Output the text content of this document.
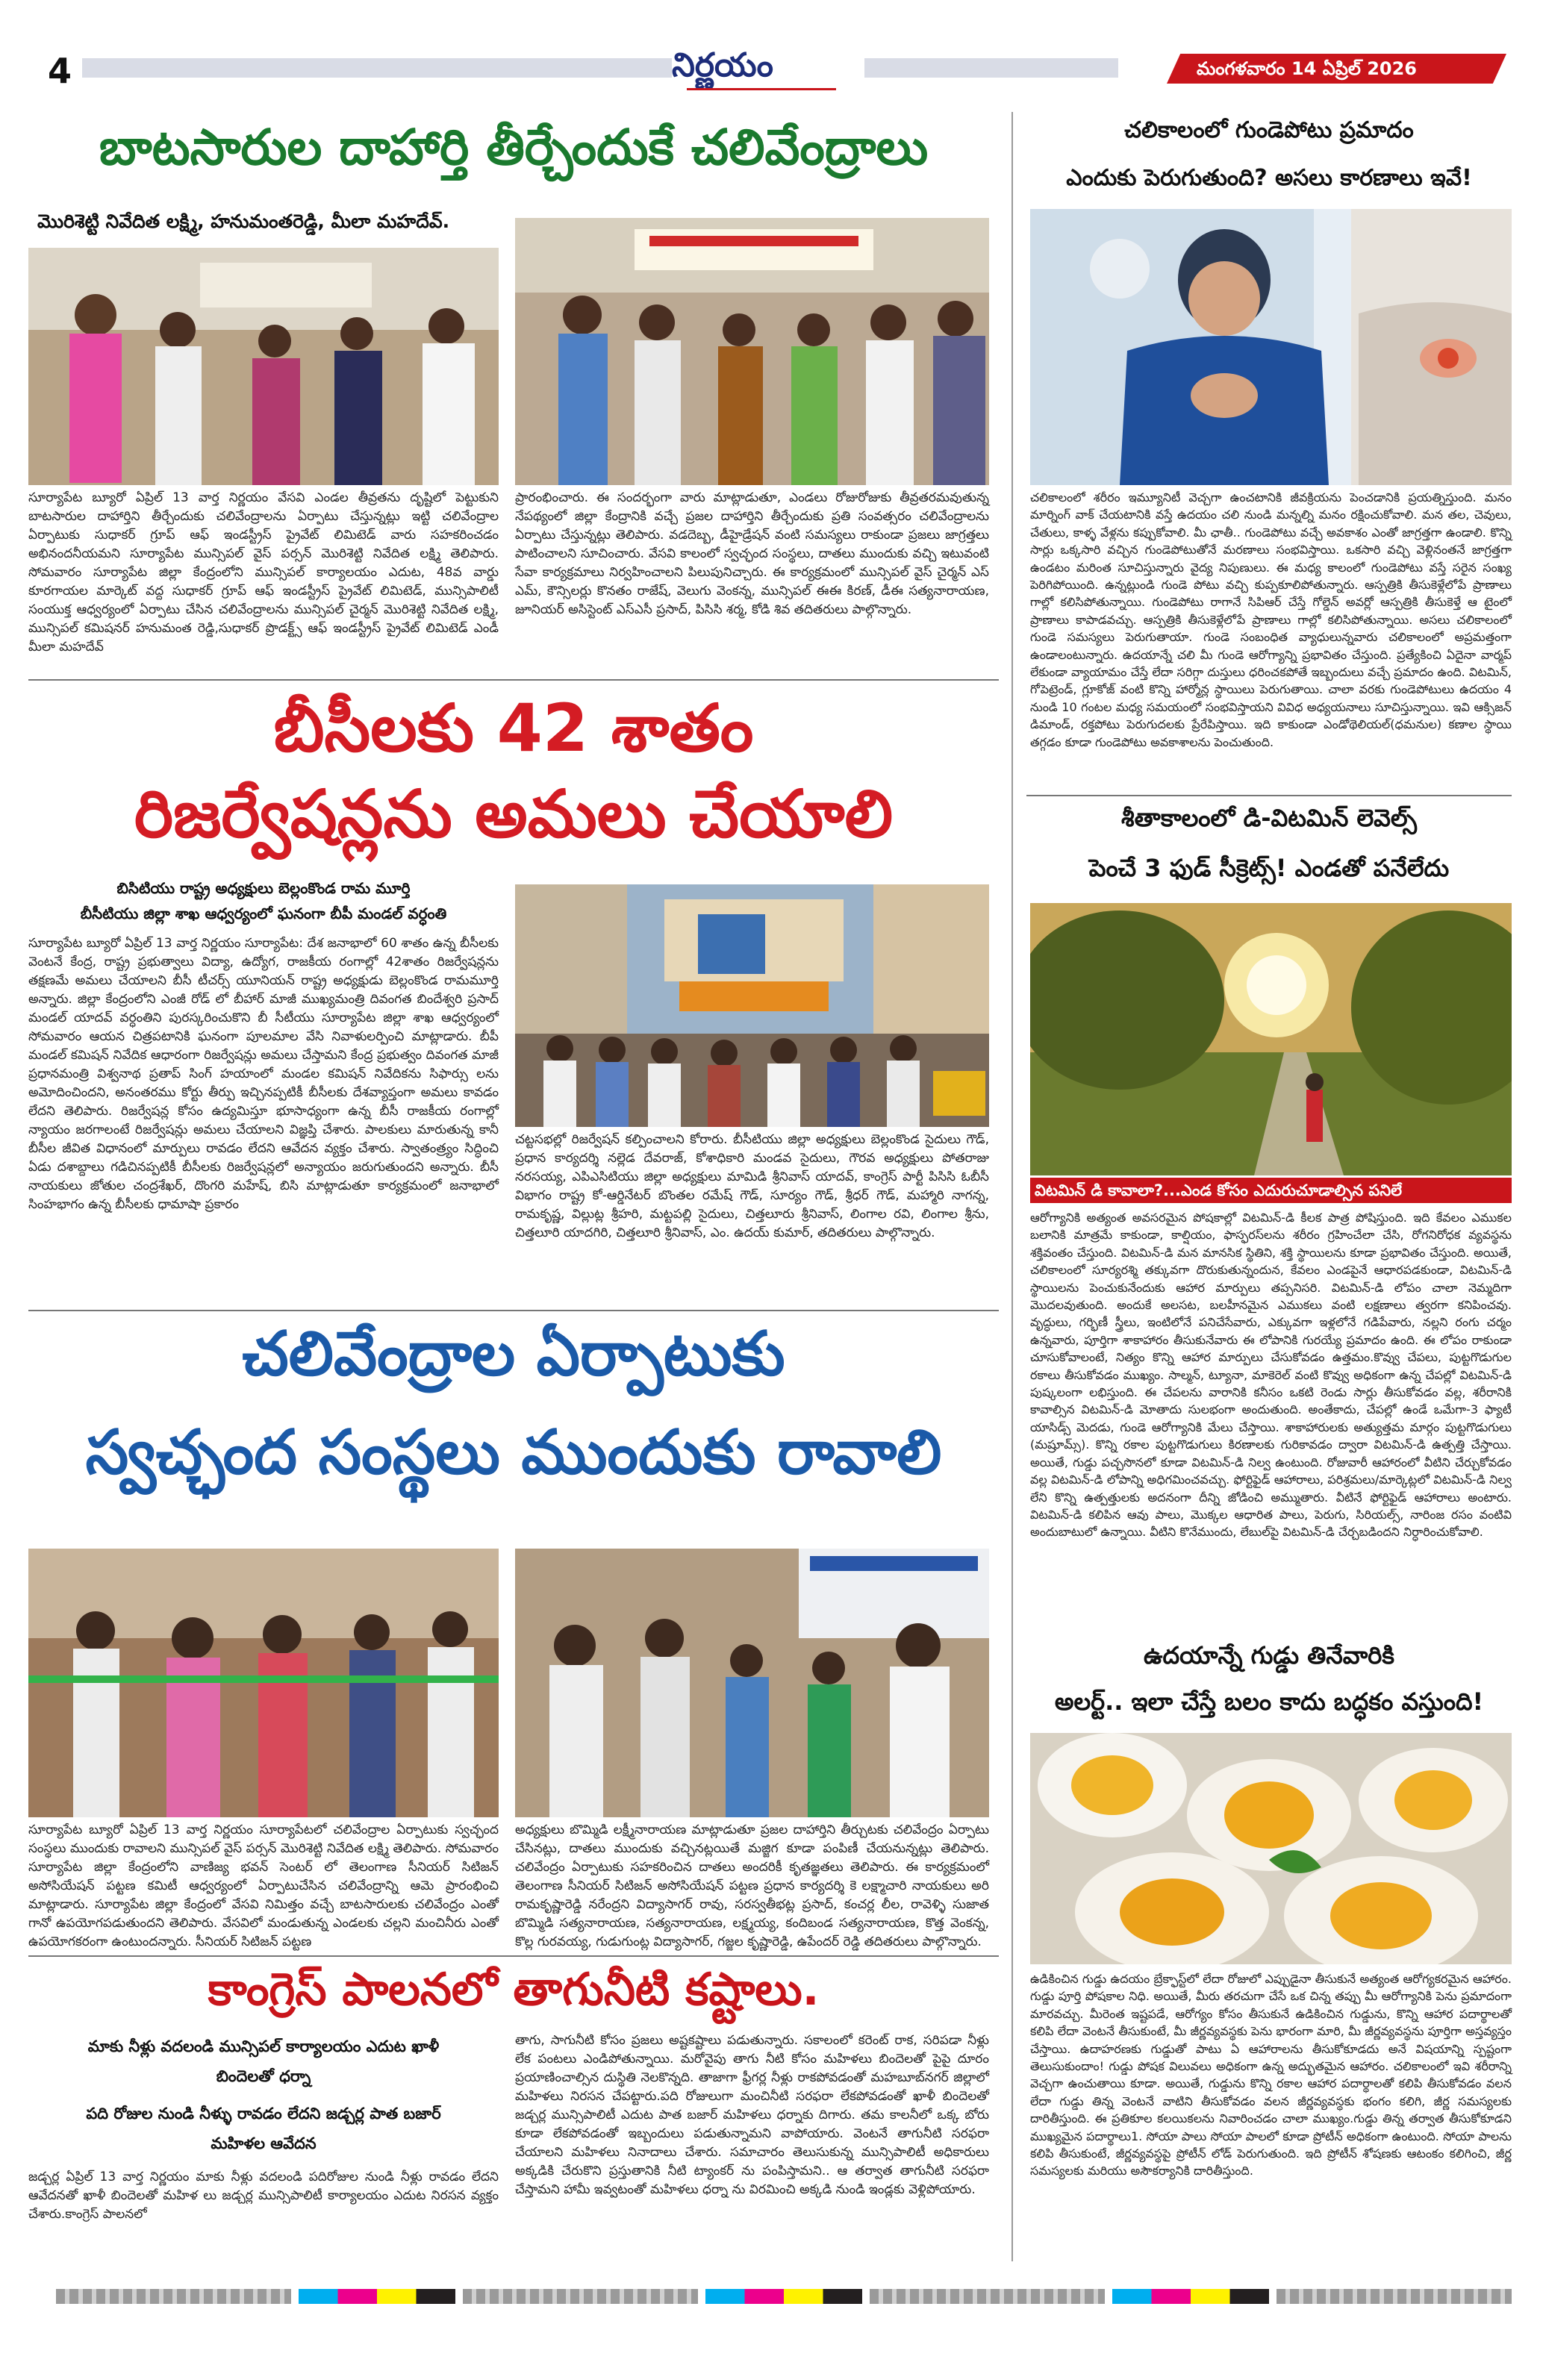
4	నిర్ణయం	మంగళవారం 14 ఏప్రిల్ 2026
బాటసారుల దాహార్తి తీర్చేందుకే చలివేంద్రాలు
మొరిశెట్టి నివేదిత లక్ష్మి, హనుమంతరెడ్డి, మీలా మహదేవ్.

సూర్యాపేట బ్యూరో ఏప్రిల్ 13 వార్త నిర్ణయం వేసవి ఎండల తీవ్రతను దృష్టిలో పెట్టుకుని బాటసారుల దాహార్తిని తీర్చేందుకు చలివేంద్రాలను ఏర్పాటు చేస్తున్నట్లు ఇట్టి చలివేంద్రాల ఏర్పాటుకు సుధాకర్ గ్రూప్ ఆఫ్ ఇండస్ట్రీస్ ప్రైవేట్ లిమిటెడ్ వారు సహకరించడం అభినందనీయమని సూర్యాపేట మున్సిపల్ వైస్ పర్సన్ మొరిశెట్టి నివేదిత లక్ష్మి తెలిపారు. సోమవారం సూర్యాపేట జిల్లా కేంద్రంలోని మున్సిపల్ కార్యాలయం ఎదుట, 48వ వార్డు కూరగాయల మార్కెట్ వద్ద సుధాకర్ గ్రూప్ ఆఫ్ ఇండస్ట్రీస్ ప్రైవేట్ లిమిటెడ్, మున్సిపాలిటీ సంయుక్త ఆధ్వర్యంలో ఏర్పాటు చేసిన చలివేంద్రాలను మున్సిపల్ చైర్మన్ మొరిశెట్టి నివేదిత లక్ష్మి, మున్సిపల్ కమిషనర్ హనుమంత రెడ్డి,సుధాకర్ ప్రొడక్ట్స్ ఆఫ్ ఇండస్ట్రీస్ ప్రైవేట్ లిమిటెడ్ ఎండీ మీలా మహదేవ్

ప్రారంభించారు. ఈ సందర్భంగా వారు మాట్లాడుతూ, ఎండలు రోజురోజుకు తీవ్రతరమవుతున్న నేపథ్యంలో జిల్లా కేంద్రానికి వచ్చే ప్రజల దాహార్తిని తీర్చేందుకు ప్రతి సంవత్సరం చలివేంద్రాలను ఏర్పాటు చేస్తున్నట్లు తెలిపారు. వడదెబ్బ, డీహైడ్రేషన్ వంటి సమస్యలు రాకుండా ప్రజలు జాగ్రత్తలు పాటించాలని సూచించారు. వేసవి కాలంలో స్వచ్ఛంద సంస్థలు, దాతలు ముందుకు వచ్చి ఇటువంటి సేవా కార్యక్రమాలు నిర్వహించాలని పిలుపునిచ్చారు. ఈ కార్యక్రమంలో మున్సిపల్ వైస్ చైర్మన్ ఎస్ ఎమ్, కౌన్సిలర్లు కొనతం రాజేష్, వెలుగు వెంకన్న, మున్సిపల్ ఈఈ కిరణ్, డీఈ సత్యనారాయణ, జూనియర్ అసిస్టెంట్ ఎస్ఎసీ ప్రసాద్, పిసిసి శర్మ, కోడి శివ తదితరులు పాల్గొన్నారు.

బీసీలకు 42 శాతం
రిజర్వేషన్లను అమలు చేయాలి
బిసిటియు రాష్ట్ర అధ్యక్షులు బెల్లంకొండ రామ మూర్తి
బీసీటియు జిల్లా శాఖ ఆధ్వర్యంలో ఘనంగా బీపీ మండల్ వర్ధంతి

సూర్యాపేట బ్యూరో ఏప్రిల్ 13 వార్త నిర్ణయం సూర్యాపేట: దేశ జనాభాలో 60 శాతం ఉన్న బీసీలకు వెంటనే కేంద్ర, రాష్ట్ర ప్రభుత్వాలు విద్యా, ఉద్యోగ, రాజకీయ రంగాల్లో 42శాతం రిజర్వేషన్లను తక్షణమే అమలు చేయాలని బీసీ టీచర్స్ యూనియన్ రాష్ట్ర అధ్యక్షుడు బెల్లంకొండ రామమూర్తి అన్నారు. జిల్లా కేంద్రంలోని ఎంజీ రోడ్ లో బీహార్ మాజీ ముఖ్యమంత్రి దివంగత బిందేశ్వరి ప్రసాద్ మండల్ యాదవ్ వర్ధంతిని పురస్కరించుకొని బీ సీటీయు సూర్యాపేట జిల్లా శాఖ ఆధ్వర్యంలో సోమవారం ఆయన చిత్రపటానికి ఘనంగా పూలమాల వేసి నివాళులర్పించి మాట్లాడారు. బీపీ మండల్ కమిషన్ నివేదిక ఆధారంగా రిజర్వేషన్లు అమలు చేస్తామని కేంద్ర ప్రభుత్వం దివంగత మాజీ ప్రధానమంత్రి విశ్వనాథ ప్రతాప్ సింగ్ హయాంలో మండల కమిషన్ నివేదికను సిఫార్సు లను అమోదించిందని, అనంతరము కోర్టు తీర్పు ఇచ్చినప్పటికీ బీసీలకు దేశవ్యాప్తంగా అమలు కావడం లేదని తెలిపారు. రిజర్వేషన్ల కోసం ఉద్యమిస్తూ భూసాధ్యంగా ఉన్న బీసీ రాజకీయ రంగాల్లో న్యాయం జరగాలంటే రిజర్వేషన్లు అమలు చేయాలని విజ్ఞప్తి చేశారు. పాలకులు మారుతున్న కానీ బీసీల జీవిత విధానంలో మార్పులు రావడం లేదని ఆవేదన వ్యక్తం చేశారు. స్వాతంత్ర్యం సిద్ధించి ఏడు దశాబ్దాలు గడిచినప్పటికీ బీసీలకు రిజర్వేషన్లలో అన్యాయం జరుగుతుందని అన్నారు. బీసీ నాయకులు జోతుల చంద్రశేఖర్, దొంగరి మహేష్, బిసి మాట్లాడుతూ కార్యక్రమంలో జనాభాలో సింహభాగం ఉన్న బీసీలకు ధామాషా ప్రకారం

చట్టసభల్లో రిజర్వేషన్ కల్పించాలని కోరారు. బీసీటియు జిల్లా అధ్యక్షులు బెల్లంకొండ సైదులు గౌడ్, ప్రధాన కార్యదర్శి నల్లెడ దేవరాజ్, కోశాధికారి మండవ సైదులు, గౌరవ అధ్యక్షులు పోతరాజు నరసయ్య, ఎపిఎసిటియు జిల్లా అధ్యక్షులు మామిడి శ్రీనివాస్ యాదవ్, కాంగ్రెస్ పార్టీ పిసిసి ఓబీసీ విభాగం రాష్ట్ర కో-ఆర్డినేటర్ బొంతల రమేష్ గౌడ్, సూర్యం గౌడ్, శ్రీధర్ గౌడ్, మహ్మారి నాగన్న, రామకృష్ణ, విల్లుట్ల శ్రీహరి, మట్టపల్లి సైదులు, చిత్తలూరు శ్రీనివాస్, లింగాల రవి, లింగాల శ్రీను, చిత్తలూరి యాదగిరి, చిత్తలూరి శ్రీనివాస్, ఎం. ఉదయ్ కుమార్, తదితరులు పాల్గొన్నారు.

చలివేంద్రాల ఏర్పాటుకు
స్వచ్ఛంద సంస్థలు ముందుకు రావాలి

సూర్యాపేట బ్యూరో ఏప్రిల్ 13 వార్త నిర్ణయం సూర్యాపేటలో చలివేంద్రాల ఏర్పాటుకు స్వచ్ఛంద సంస్థలు ముందుకు రావాలని మున్సిపల్ వైస్ పర్సన్ మొరిశెట్టి నివేదిత లక్ష్మి తెలిపారు. సోమవారం సూర్యాపేట జిల్లా కేంద్రంలోని వాణిజ్య భవన్ సెంటర్ లో తెలంగాణ సీనియర్ సిటిజన్ అసోసియేషన్ పట్టణ కమిటీ ఆధ్వర్యంలో ఏర్పాటుచేసిన చలివేంద్రాన్ని ఆమె ప్రారంభించి మాట్లాడారు. సూర్యాపేట జిల్లా కేంద్రంలో వేసవి నిమిత్తం వచ్చే బాటసారులకు చలివేంద్రం ఎంతో గానో ఉపయోగపడుతుందని తెలిపారు. వేసవిలో మండుతున్న ఎండలకు చల్లని మంచినీరు ఎంతో ఉపయోగకరంగా ఉంటుందన్నారు. సీనియర్ సిటిజన్ పట్టణ

అధ్యక్షులు బొమ్మిడి లక్ష్మీనారాయణ మాట్లాడుతూ ప్రజల దాహార్తిని తీర్చుటకు చలివేంద్రం ఏర్పాటు చేసినట్లు, దాతలు ముందుకు వచ్చినట్లయితే మజ్జిగ కూడా పంపిణీ చేయనున్నట్లు తెలిపారు. చలివేంద్రం ఏర్పాటుకు సహకరించిన దాతలు అందరికీ కృతజ్ఞతలు తెలిపారు. ఈ కార్యక్రమంలో తెలంగాణ సీనియర్ సిటిజన్ అసోసియేషన్ పట్టణ ప్రధాన కార్యదర్శి కె లక్ష్మాచారి నాయకులు అరి రామకృష్ణారెడ్డి నరేంద్రని విద్యాసాగర్ రావు, సరస్వతీభట్ల ప్రసాద్, కంచర్ల లీల, రావెళ్ళి సుజాత బొమ్మిడి సత్యనారాయణ, సత్యనారాయణ, లక్ష్మయ్య, కందిబండ సత్యనారాయణ, కొత్త వెంకన్న, కొల్ల గురవయ్య, గుడుగుంట్ల విద్యాసాగర్, గజ్జల కృష్ణారెడ్డి, ఉపేందర్ రెడ్డి తదితరులు పాల్గొన్నారు.

కాంగ్రెస్ పాలనలో తాగునీటి కష్టాలు.
మాకు నీళ్లు వదలండి మున్సిపల్ కార్యాలయం ఎదుట ఖాళీ
బిందెలతో ధర్నా
పది రోజుల నుండి నీళ్ళు రావడం లేదని జడ్చర్ల పాత బజార్
మహిళల ఆవేదన

జడ్చర్ల ఏప్రిల్ 13 వార్త నిర్ణయం మాకు నీళ్లు వదలండి పదిరోజుల నుండి నీళ్లు రావడం లేదని ఆవేదనతో ఖాళీ బిందెలతో మహిళ లు జడ్చర్ల మున్సిపాలిటీ కార్యాలయం ఎదుట నిరసన వ్యక్తం చేశారు.కాంగ్రెస్ పాలనలో

తాగు, సాగునీటి కోసం ప్రజలు అష్టకష్టాలు పడుతున్నారు. సకాలంలో కరెంట్ రాక, సరిపడా నీళ్లు లేక పంటలు ఎండిపోతున్నాయి. మరోవైపు తాగు నీటి కోసం మహిళలు బిందెలతో పైపై దూరం ప్రయాణించాల్సిన దుస్థితి నెలకొన్నది. తాజాగా ఫ్రీగర్ల నీళ్లు రాకపోవడంతో మహబూబ్‌నగర్ జిల్లాలో మహిళలు నిరసన చేపట్టారు.పది రోజులుగా మంచినీటి సరఫరా లేకపోవడంతో ఖాళీ బిందెలతో జడ్చర్ల మున్సిపాలిటీ ఎదుట పాత బజార్ మహిళలు ధర్నాకు దిగారు. తమ కాలనీలో ఒక్క బోరు కూడా లేకపోవడంతో ఇబ్బందులు పడుతున్నామని వాపోయారు. వెంటనే తాగునీటి సరఫరా చేయాలని మహిళలు నినాదాలు చేశారు. సమాచారం తెలుసుకున్న మున్సిపాలిటీ అధికారులు అక్కడికి చేరుకొని ప్రస్తుతానికి నీటి ట్యాంకర్ ను పంపిస్తామని.. ఆ తర్వాత తాగునీటి సరఫరా చేస్తామని హామీ ఇవ్వటంతో మహిళలు ధర్నా ను విరమించి అక్కడి నుండి ఇండ్లకు వెళ్లిపోయారు.

చలికాలంలో గుండెపోటు ప్రమాదం
ఎందుకు పెరుగుతుంది? అసలు కారణాలు ఇవే!

చలికాలంలో శరీరం ఇమ్యూనిటీ వెచ్చగా ఉంచటానికి జీవక్రియను పెంచడానికి ప్రయత్నిస్తుంది. మనం మార్నింగ్ వాక్ చేయటానికి వస్తే ఉదయం చలి నుండి మన్నల్ని మనం రక్షించుకోవాలి. మన తల, చెవులు, చేతులు, కాళ్ళ వేళ్లను కప్పుకోవాలి. మీ ఛాతీ.. గుండెపోటు వచ్చే అవకాశం ఎంతో జాగ్రత్తగా ఉండాలి. కొన్ని సార్లు ఒక్కసారి వచ్చిన గుండెపోటుతోనే మరణాలు సంభవిస్తాయి. ఒకసారి వచ్చి వెళ్లినంతనే జాగ్రత్తగా ఉండటం మరింత సూచిస్తున్నారు వైద్య నిపుణులు. ఈ మధ్య కాలంలో గుండెపోటు వస్తే సరైన సంఖ్య పెరిగిపోయింది. ఉన్నట్లుండి గుండె పోటు వచ్చి కుప్పకూలిపోతున్నారు. ఆస్పత్రికి తీసుకెళ్లేలోపే ప్రాణాలు గాల్లో కలిసిపోతున్నాయి. గుండెపోటు రాగానే సిపిఆర్ చేస్తే గోల్డెన్ అవర్లో ఆస్పత్రికి తీసుకెళ్తే ఆ టైంలో ప్రాణాలు కాపాడవచ్చు. ఆస్పత్రికి తీసుకెళ్లేలోపే ప్రాణాలు గాల్లో కలిసిపోతున్నాయి. అసలు చలికాలంలో గుండె సమస్యలు పెరుగుతాయా. గుండె సంబంధిత వ్యాధులున్నవారు చలికాలంలో అప్రమత్తంగా ఉండాలంటున్నారు. ఉదయాన్నే చలి మీ గుండె ఆరోగ్యాన్ని ప్రభావితం చేస్తుంది. ప్రత్యేకించి ఏదైనా వార్మప్ లేకుండా వ్యాయామం చేస్తే లేదా సరిగ్గా దుస్తులు ధరించకపోతే ఇబ్బందులు వచ్చే ప్రమాదం ఉంది. విటమిన్, గోపెట్రెండ్, గ్లూకోజ్ వంటి కొన్ని హార్మోన్ల స్థాయిలు పెరుగుతాయి. చాలా వరకు గుండెపోటులు ఉదయం 4 నుండి 10 గంటల మధ్య సమయంలో సంభవిస్తాయని వివిధ అధ్యయనాలు సూచిస్తున్నాయి. ఇవి ఆక్సిజన్ డిమాండ్, రక్తపోటు పెరుగుదలకు ప్రేరేపిస్తాయి. ఇది కాకుండా ఎండోథెలియల్(ధమనుల) కణాల స్థాయి తగ్గడం కూడా గుండెపోటు అవకాశాలను పెంచుతుంది.

శీతాకాలంలో డి-విటమిన్ లెవెల్స్
పెంచే 3 ఫుడ్ సీక్రెట్స్! ఎండతో పనేలేదు
విటమిన్ డి కావాలా?...ఎండ కోసం ఎదురుచూడాల్సిన పనిలే

ఆరోగ్యానికి అత్యంత అవసరమైన పోషకాల్లో విటమిన్-డి కీలక పాత్ర పోషిస్తుంది. ఇది కేవలం ఎముకల బలానికి మాత్రమే కాకుండా, కాల్షియం, ఫాస్ఫరస్‌లను శరీరం గ్రహించేలా చేసి, రోగనిరోధక వ్యవస్థను శక్తివంతం చేస్తుంది. విటమిన్-డి మన మానసిక స్థితిని, శక్తి స్థాయిలను కూడా ప్రభావితం చేస్తుంది. అయితే, చలికాలంలో సూర్యరశ్మి తక్కువగా దొరుకుతున్నందున, కేవలం ఎండపైనే ఆధారపడకుండా, విటమిన్-డి స్థాయిలను పెంచుకునేందుకు ఆహార మార్పులు తప్పనిసరి. విటమిన్-డి లోపం చాలా నెమ్మదిగా మొదలవుతుంది. అందుకే అలసట, బలహీనమైన ఎముకలు వంటి లక్షణాలు త్వరగా కనిపించవు. వృద్ధులు, గర్భిణీ స్త్రీలు, ఇంటిలోనే పనిచేసేవారు, ఎక్కువగా ఇళ్లలోనే గడిపేవారు, నల్లని రంగు చర్మం ఉన్నవారు, పూర్తిగా శాకాహారం తీసుకునేవారు ఈ లోపానికి గురయ్యే ప్రమాదం ఉంది. ఈ లోపం రాకుండా చూసుకోవాలంటే, నిత్యం కొన్ని ఆహార మార్పులు చేసుకోవడం ఉత్తమం.కొవ్వు చేపలు, పుట్టగొడుగుల రకాలు తీసుకోవడం ముఖ్యం. సాల్మన్, ట్యూనా, మాకెరెల్ వంటి కొవ్వు అధికంగా ఉన్న చేపల్లో విటమిన్-డి పుష్కలంగా లభిస్తుంది. ఈ చేపలను వారానికి కనీసం ఒకటి రెండు సార్లు తీసుకోవడం వల్ల, శరీరానికి కావాల్సిన విటమిన్-డి మోతాదు సులభంగా అందుతుంది. అంతేకాదు, చేపల్లో ఉండే ఒమేగా-3 ఫ్యాటీ యాసిడ్స్ మెదడు, గుండె ఆరోగ్యానికి మేలు చేస్తాయి. శాకాహారులకు అత్యుత్తమ మార్గం పుట్టగొడుగులు (మష్రూమ్స్). కొన్ని రకాల పుట్టగొడుగులు కిరణాలకు గురికావడం ద్వారా విటమిన్-డి ఉత్పత్తి చేస్తాయి. అయితే, గుడ్డు పచ్చసొనలో కూడా విటమిన్-డి నిల్వ ఉంటుంది. రోజువారీ ఆహారంలో వీటిని చేర్చుకోవడం వల్ల విటమిన్-డి లోపాన్ని అధిగమించవచ్చు. ఫోర్టిఫైడ్ ఆహారాలు, పరిశ్రమలు/మార్కెట్లలో విటమిన్-డి నిల్వ లేని కొన్ని ఉత్పత్తులకు అదనంగా దీన్ని జోడించి అమ్ముతారు. వీటినే ఫోర్టిఫైడ్ ఆహారాలు అంటారు. విటమిన్-డి కలిపిన ఆవు పాలు, మొక్కల ఆధారిత పాలు, పెరుగు, సిరియల్స్, నారింజ రసం వంటివి అందుబాటులో ఉన్నాయి. వీటిని కొనేముందు, లేబుల్‌పై విటమిన్-డి చేర్చబడిందని నిర్ధారించుకోవాలి.

ఉదయాన్నే గుడ్డు తినేవారికి
అలర్ట్.. ఇలా చేస్తే బలం కాదు బద్ధకం వస్తుంది!

ఉడికించిన గుడ్డు ఉదయం బ్రేక్ఫాస్ట్‌లో లేదా రోజులో ఎప్పుడైనా తీసుకునే అత్యంత ఆరోగ్యకరమైన ఆహారం. గుడ్డు పూర్తి పోషకాల నిధి. అయితే, మీరు తరచుగా చేసే ఒక చిన్న తప్పు మీ ఆరోగ్యానికి పెను ప్రమాదంగా మారవచ్చు. మీరెంత ఇష్టపడే, ఆరోగ్యం కోసం తీసుకునే ఉడికించిన గుడ్డును, కొన్ని ఆహార పదార్థాలతో కలిపి లేదా వెంటనే తీసుకుంటే, మీ జీర్ణవ్యవస్థకు పెను భారంగా మారి, మీ జీర్ణవ్యవస్థను పూర్తిగా అస్తవ్యస్తం చేస్తాయి. ఉదాహరణకు గుడ్డుతో పాటు ఏ ఆహారాలను తీసుకోకూడదు అనే విషయాన్ని స్పష్టంగా తెలుసుకుందాం! గుడ్డు పోషక విలువలు అధికంగా ఉన్న అద్భుతమైన ఆహారం. చలికాలంలో ఇవి శరీరాన్ని వెచ్చగా ఉంచుతాయి కూడా. అయితే, గుడ్డును కొన్ని రకాల ఆహార పదార్థాలతో కలిపి తీసుకోవడం వలన లేదా గుడ్డు తిన్న వెంటనే వాటిని తీసుకోవడం వలన జీర్ణవ్యవస్థకు భంగం కలిగి, జీర్ణ సమస్యలకు దారితీస్తుంది. ఈ ప్రతికూల కలయికలను నివారించడం చాలా ముఖ్యం.గుడ్డు తిన్న తర్వాత తీసుకోకూడని ముఖ్యమైన పదార్థాలు1. సోయా పాలు సోయా పాలలో కూడా ప్రోటీన్ అధికంగా ఉంటుంది. సోయా పాలను కలిపి తీసుకుంటే, జీర్ణవ్యవస్థపై ప్రోటీన్ లోడ్ పెరుగుతుంది. ఇది ప్రోటీన్ శోషణకు ఆటంకం కలిగించి, జీర్ణ సమస్యలకు మరియు అసౌకర్యానికి దారితీస్తుంది.
